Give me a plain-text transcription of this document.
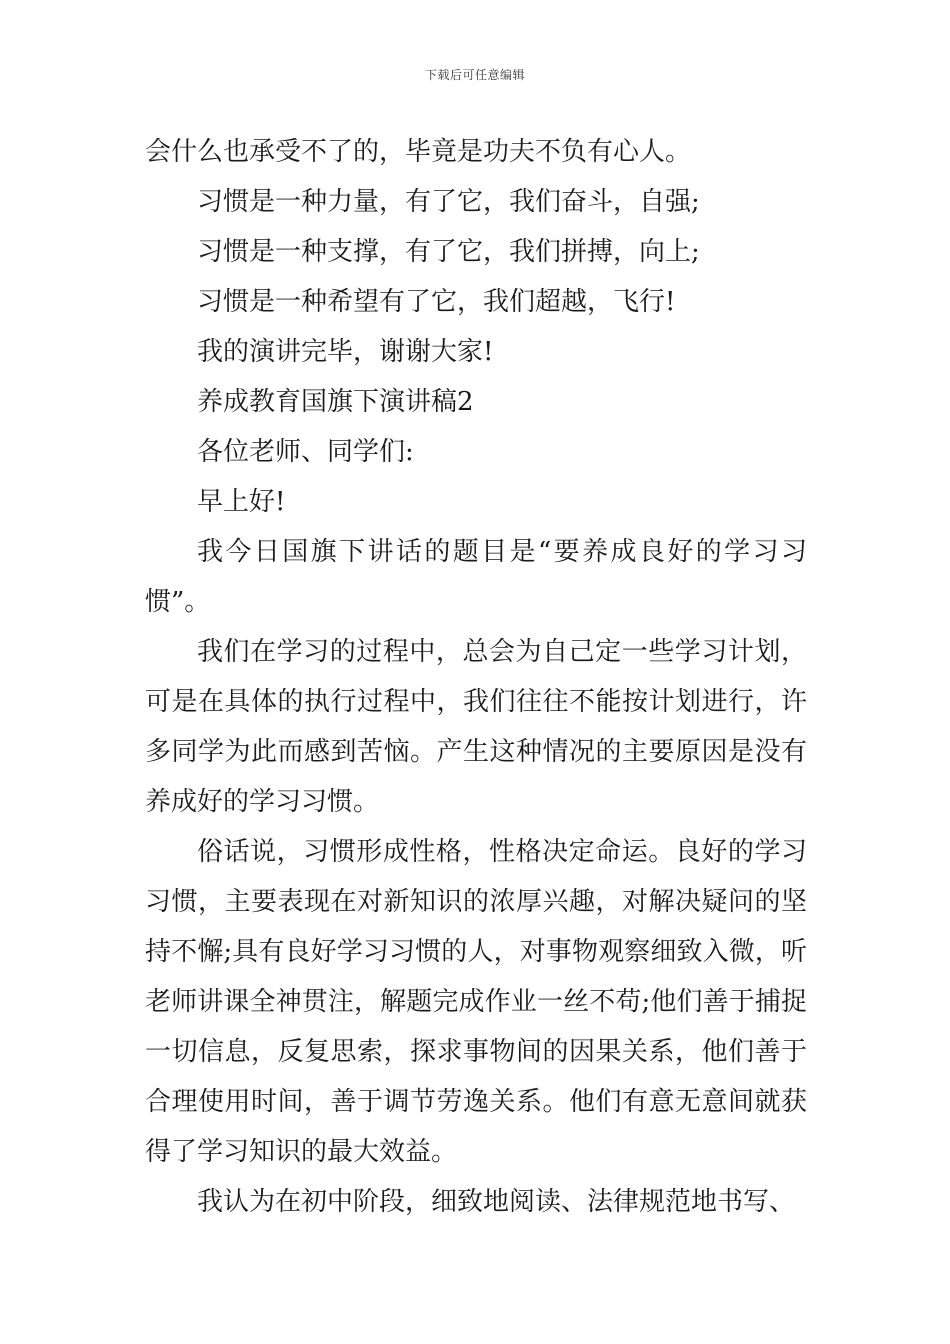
下载后可任意编辑
会什么也承受不了的，毕竟是功夫不负有心人。
习惯是一种力量，有了它，我们奋斗，自强;
习惯是一种支撑，有了它，我们拼搏，向上;
习惯是一种希望有了它，我们超越，飞行!
我的演讲完毕，谢谢大家!
养成教育国旗下演讲稿2
各位老师、同学们:
早上好!
我今日国旗下讲话的题目是“要养成良好的学习习
惯”。
我们在学习的过程中，总会为自己定一些学习计划，
可是在具体的执行过程中，我们往往不能按计划进行，许
多同学为此而感到苦恼。产生这种情况的主要原因是没有
养成好的学习习惯。
俗话说，习惯形成性格，性格决定命运。良好的学习
习惯，主要表现在对新知识的浓厚兴趣，对解决疑问的坚
持不懈;具有良好学习习惯的人，对事物观察细致入微，听
老师讲课全神贯注，解题完成作业一丝不苟;他们善于捕捉
一切信息，反复思索，探求事物间的因果关系，他们善于
合理使用时间，善于调节劳逸关系。他们有意无意间就获
得了学习知识的最大效益。
我认为在初中阶段，细致地阅读、法律规范地书写、
